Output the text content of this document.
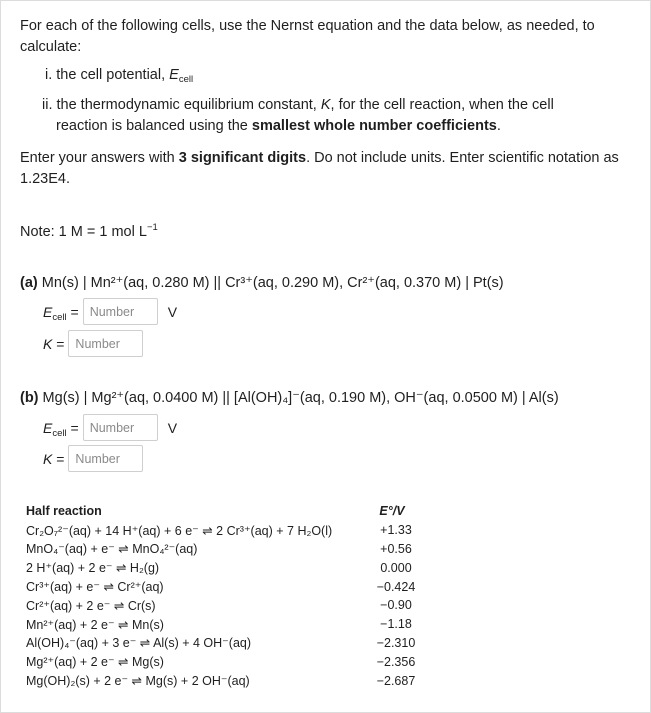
For each of the following cells, use the Nernst equation and the data below, as needed, to calculate:
i. the cell potential, $E_{cell}$
ii. the thermodynamic equilibrium constant, K, for the cell reaction, when the cell
reaction is balanced using the smallest whole number coefficients.
Enter your answers with 3 significant digits. Do not include units. Enter scientific notation as 1.23E4.
Note: 1 M = 1 mol $L^{-1}$
(a) Mn(s) | Mn²⁺(aq, 0.280 M) || Cr³⁺(aq, 0.290 M), Cr²⁺(aq, 0.370 M) | Pt(s)
$E_{cell}$ =
Number	V
K =
Number
(b) Mg(s) | Mg²⁺(aq, 0.0400 M) || [Al(OH)₄]⁻(aq, 0.190 M), OH⁻(aq, 0.0500 M) | Al(s)
$E_{cell}$ =
Number	V
K =
Number
Half reaction	E°/V
Cr₂O₇²⁻(aq) + 14 H⁺(aq) + 6 e⁻ ⇌ 2 Cr³⁺(aq) + 7 H₂O(l)	+1.33
MnO₄⁻(aq) + e⁻ ⇌ MnO₄²⁻(aq)	+0.56
2 H⁺(aq) + 2 e⁻ ⇌ H₂(g)	0.000
Cr³⁺(aq) + e⁻ ⇌ Cr²⁺(aq)	−0.424
Cr²⁺(aq) + 2 e⁻ ⇌ Cr(s)	−0.90
Mn²⁺(aq) + 2 e⁻ ⇌ Mn(s)	−1.18
Al(OH)₄⁻(aq) + 3 e⁻ ⇌ Al(s) + 4 OH⁻(aq)	−2.310
Mg²⁺(aq) + 2 e⁻ ⇌ Mg(s)	−2.356
Mg(OH)₂(s) + 2 e⁻ ⇌ Mg(s) + 2 OH⁻(aq)	−2.687
